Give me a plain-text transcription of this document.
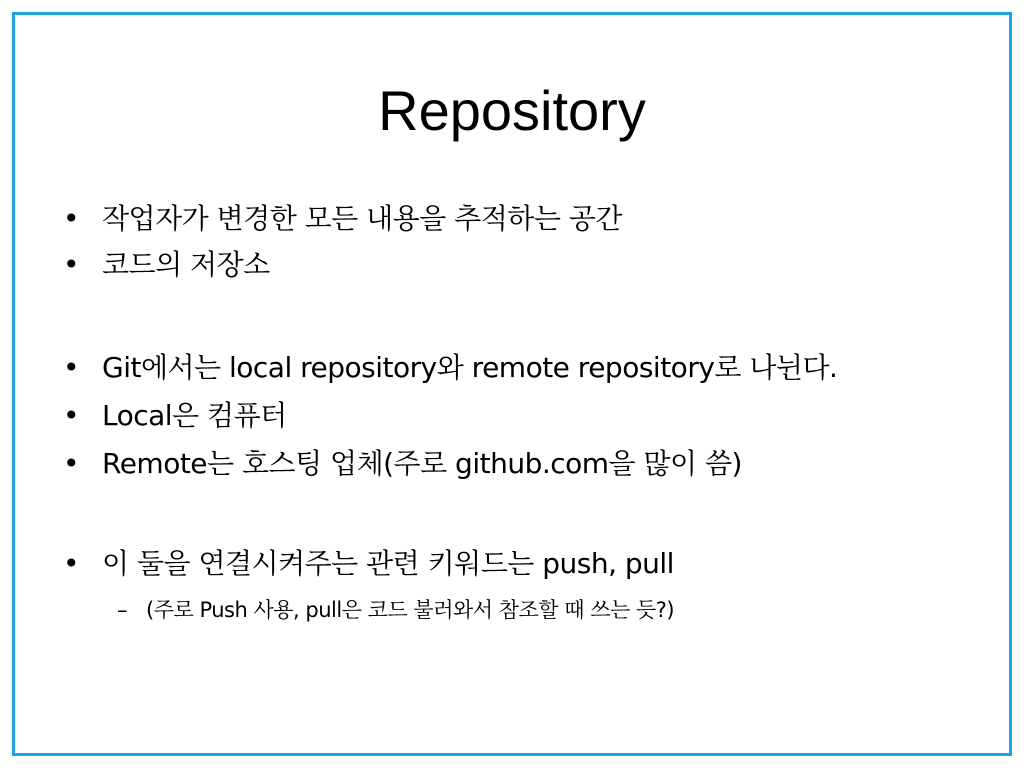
Repository
• 작업자가 변경한 모든 내용을 추적하는 공간
• 코드의 저장소
• Git에서는 local repository와 remote repository로 나뉜다.
• Local은 컴퓨터
• Remote는 호스팅 업체(주로 github.com을 많이 씀)
• 이 둘을 연결시켜주는 관련 키워드는 push, pull
– (주로 Push 사용, pull은 코드 불러와서 참조할 때 쓰는 듯?)
